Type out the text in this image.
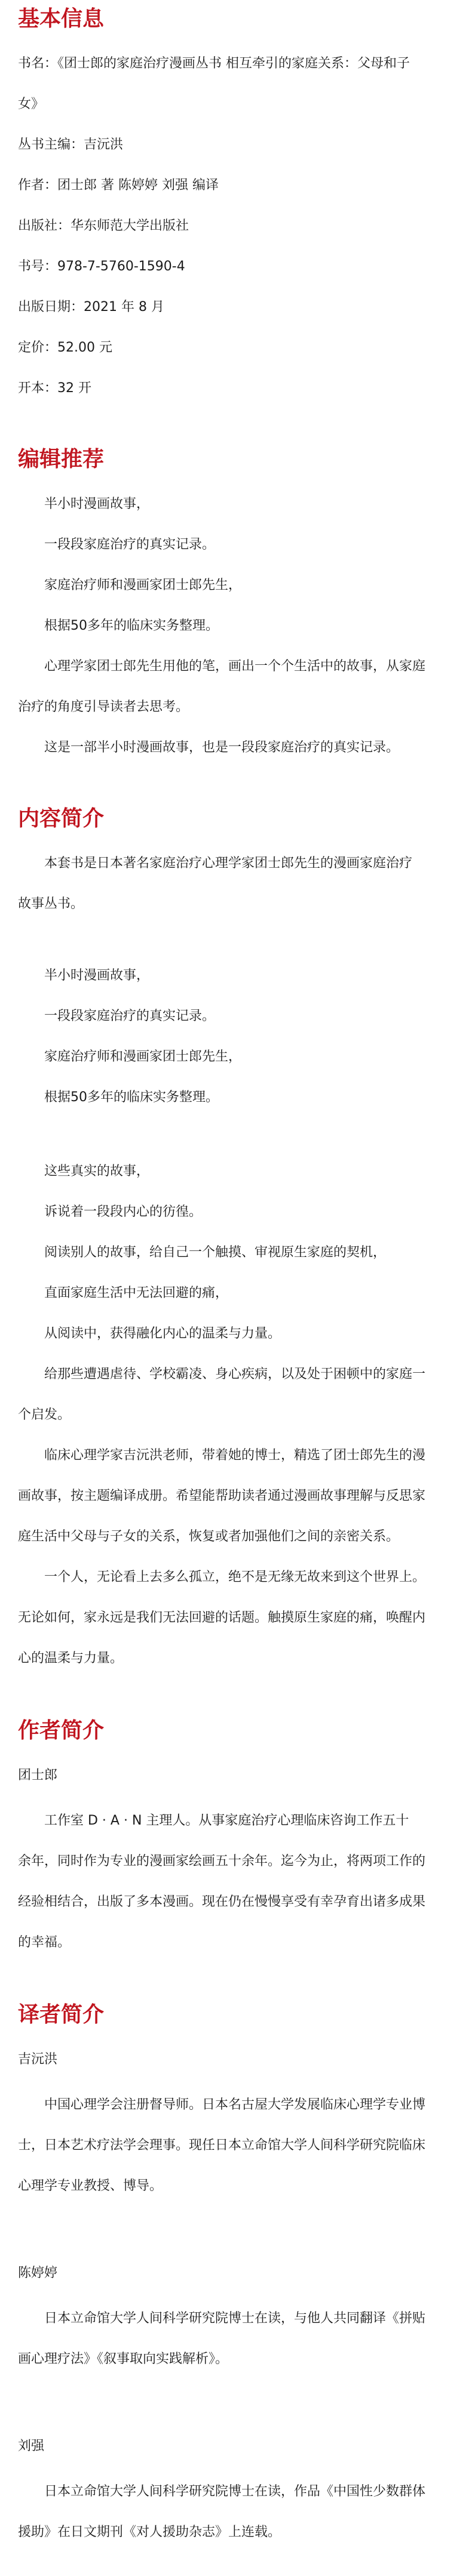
基本信息
书名：《团士郎的家庭治疗漫画丛书 相互牵引的家庭关系：父母和子
女》
丛书主编：吉沅洪
作者：团士郎 著 陈婷婷 刘强 编译
出版社：华东师范大学出版社
书号：978-7-5760-1590-4
出版日期：2021 年 8 月
定价：52.00 元
开本：32 开
编辑推荐
半小时漫画故事，
一段段家庭治疗的真实记录。
家庭治疗师和漫画家团士郎先生，
根据50多年的临床实务整理。
心理学家团士郎先生用他的笔，画出一个个生活中的故事，从家庭
治疗的角度引导读者去思考。
这是一部半小时漫画故事，也是一段段家庭治疗的真实记录。
内容简介
本套书是日本著名家庭治疗心理学家团士郎先生的漫画家庭治疗
故事丛书。
半小时漫画故事，
一段段家庭治疗的真实记录。
家庭治疗师和漫画家团士郎先生，
根据50多年的临床实务整理。
这些真实的故事，
诉说着一段段内心的彷徨。
阅读别人的故事，给自己一个触摸、审视原生家庭的契机，
直面家庭生活中无法回避的痛，
从阅读中，获得融化内心的温柔与力量。
给那些遭遇虐待、学校霸凌、身心疾病，以及处于困顿中的家庭一
个启发。
临床心理学家吉沅洪老师，带着她的博士，精选了团士郎先生的漫
画故事，按主题编译成册。希望能帮助读者通过漫画故事理解与反思家
庭生活中父母与子女的关系，恢复或者加强他们之间的亲密关系。
一个人，无论看上去多么孤立，绝不是无缘无故来到这个世界上。
无论如何，家永远是我们无法回避的话题。触摸原生家庭的痛，唤醒内
心的温柔与力量。
作者简介
团士郎
工作室 D · A · N 主理人。从事家庭治疗心理临床咨询工作五十
余年，同时作为专业的漫画家绘画五十余年。迄今为止，将两项工作的
经验相结合，出版了多本漫画。现在仍在慢慢享受有幸孕育出诸多成果
的幸福。
译者简介
吉沅洪
中国心理学会注册督导师。日本名古屋大学发展临床心理学专业博
士，日本艺术疗法学会理事。现任日本立命馆大学人间科学研究院临床
心理学专业教授、博导。
陈婷婷
日本立命馆大学人间科学研究院博士在读，与他人共同翻译《拼贴
画心理疗法》《叙事取向实践解析》。
刘强
日本立命馆大学人间科学研究院博士在读，作品《中国性少数群体
援助》在日文期刊《对人援助杂志》上连载。
